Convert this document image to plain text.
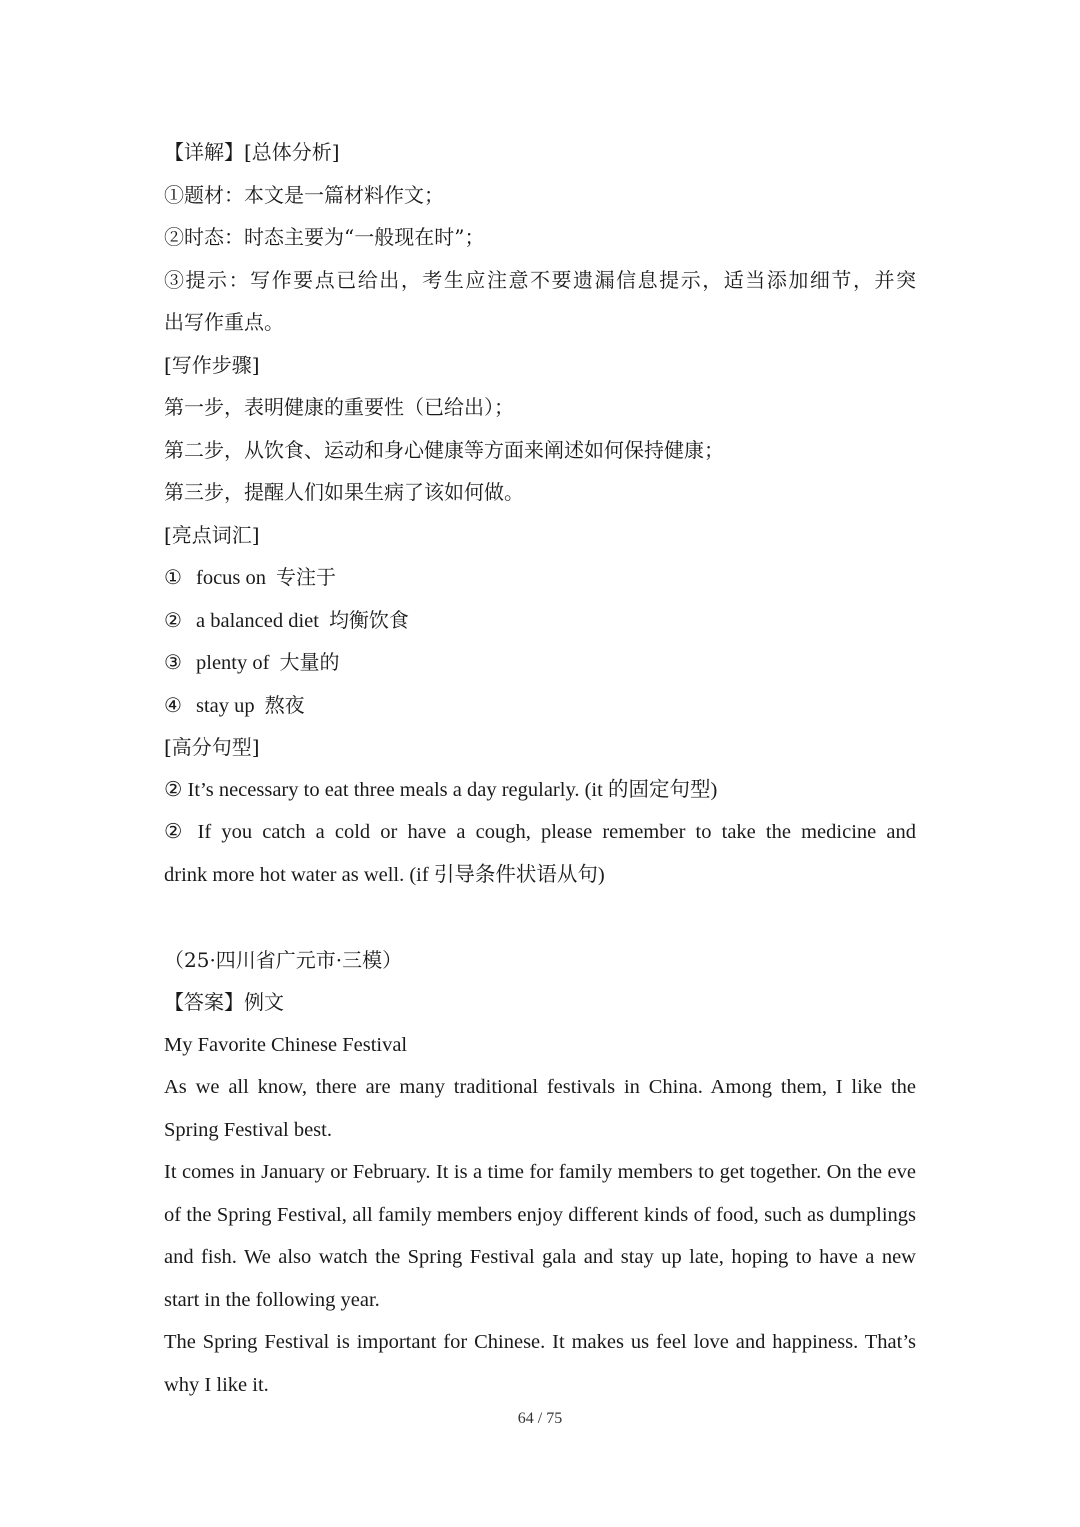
【详解】[总体分析]
①题材：本文是一篇材料作文；
②时态：时态主要为“一般现在时”；
③提示：写作要点已给出，考生应注意不要遗漏信息提示，适当添加细节，并突
出写作重点。
[写作步骤]
第一步，表明健康的重要性（已给出）；
第二步，从饮食、运动和身心健康等方面来阐述如何保持健康；
第三步，提醒人们如果生病了该如何做。
[亮点词汇]
① focus on 专注于
② a balanced diet 均衡饮食
③ plenty of 大量的
④ stay up 熬夜
[高分句型]
② It’s necessary to eat three meals a day regularly. (it 的固定句型)
② If you catch a cold or have a cough, please remember to take the medicine and
drink more hot water as well. (if 引导条件状语从句)
（25·四川省广元市·三模）
【答案】例文
My Favorite Chinese Festival
As we all know, there are many traditional festivals in China. Among them, I like the Spring Festival best.
It comes in January or February. It is a time for family members to get together. On the eve of the Spring Festival, all family members enjoy different kinds of food, such as dumplings and fish. We also watch the Spring Festival gala and stay up late, hoping to have a new start in the following year.
The Spring Festival is important for Chinese. It makes us feel love and happiness. That’s why I like it.
64 / 75
